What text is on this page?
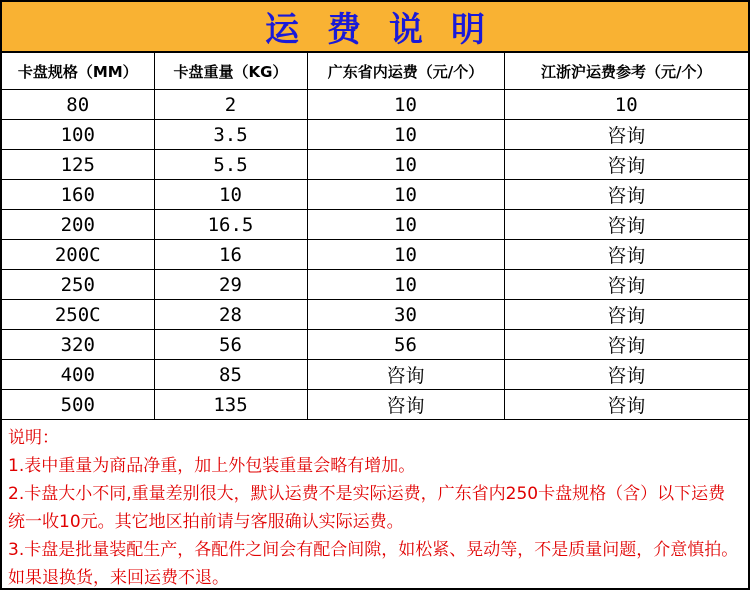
运费说明
卡盘规格（MM）	卡盘重量（KG）	广东省内运费（元/个）	江浙沪运费参考（元/个）
80	2	10	10
100	3.5	10	咨询
125	5.5	10	咨询
160	10	10	咨询
200	16.5	10	咨询
200C	16	10	咨询
250	29	10	咨询
250C	28	30	咨询
320	56	56	咨询
400	85	咨询	咨询
500	135	咨询	咨询

说明：

1.表中重量为商品净重，加上外包装重量会略有增加。

2.卡盘大小不同,重量差别很大，默认运费不是实际运费，广东省内250卡盘规格（含）以下运费统一收10元。其它地区拍前请与客服确认实际运费。

3.卡盘是批量装配生产，各配件之间会有配合间隙，如松紧、晃动等，不是质量问题，介意慎拍。如果退换货，来回运费不退。
